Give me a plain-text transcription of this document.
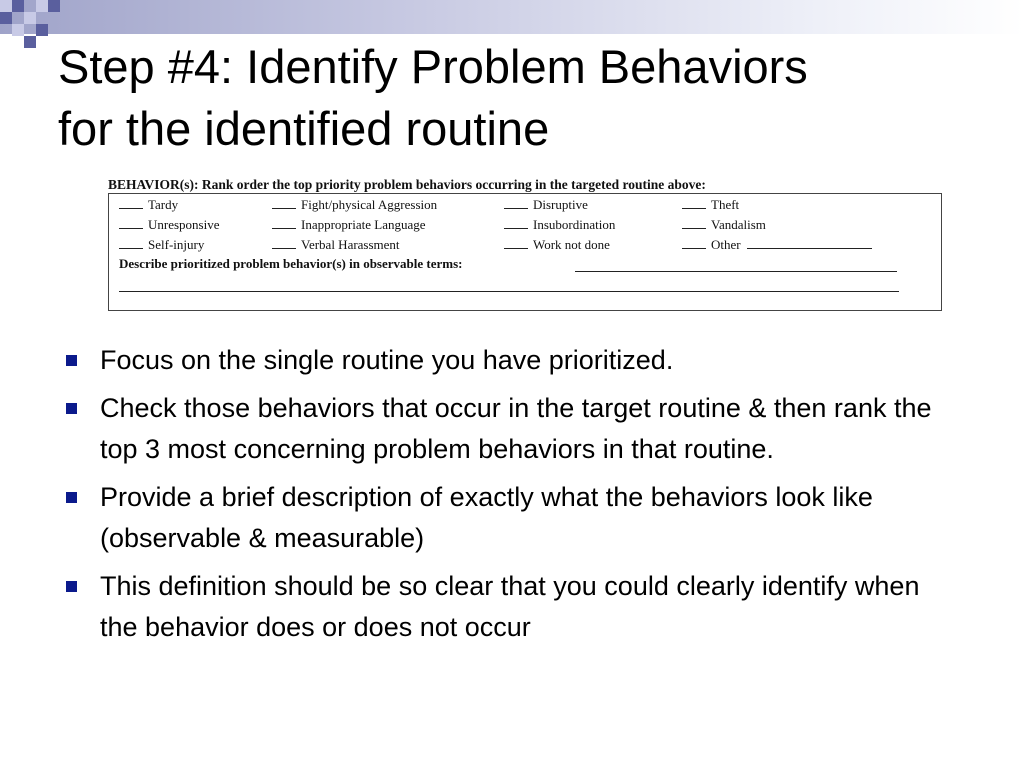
Step #4: Identify Problem Behaviors
for the identified routine
BEHAVIOR(s): Rank order the top priority problem behaviors occurring in the targeted routine above:
Tardy
Unresponsive
Self-injury
Fight/physical Aggression
Inappropriate Language
Verbal Harassment
Disruptive
Insubordination
Work not done
Theft
Vandalism
Other
Describe prioritized problem behavior(s) in observable terms:
Focus on the single routine you have prioritized.
Check those behaviors that occur in the target routine & then rank the top 3 most concerning problem behaviors in that routine.
Provide a brief description of exactly what the behaviors look like (observable & measurable)
This definition should be so clear that you could clearly identify when the behavior does or does not occur
